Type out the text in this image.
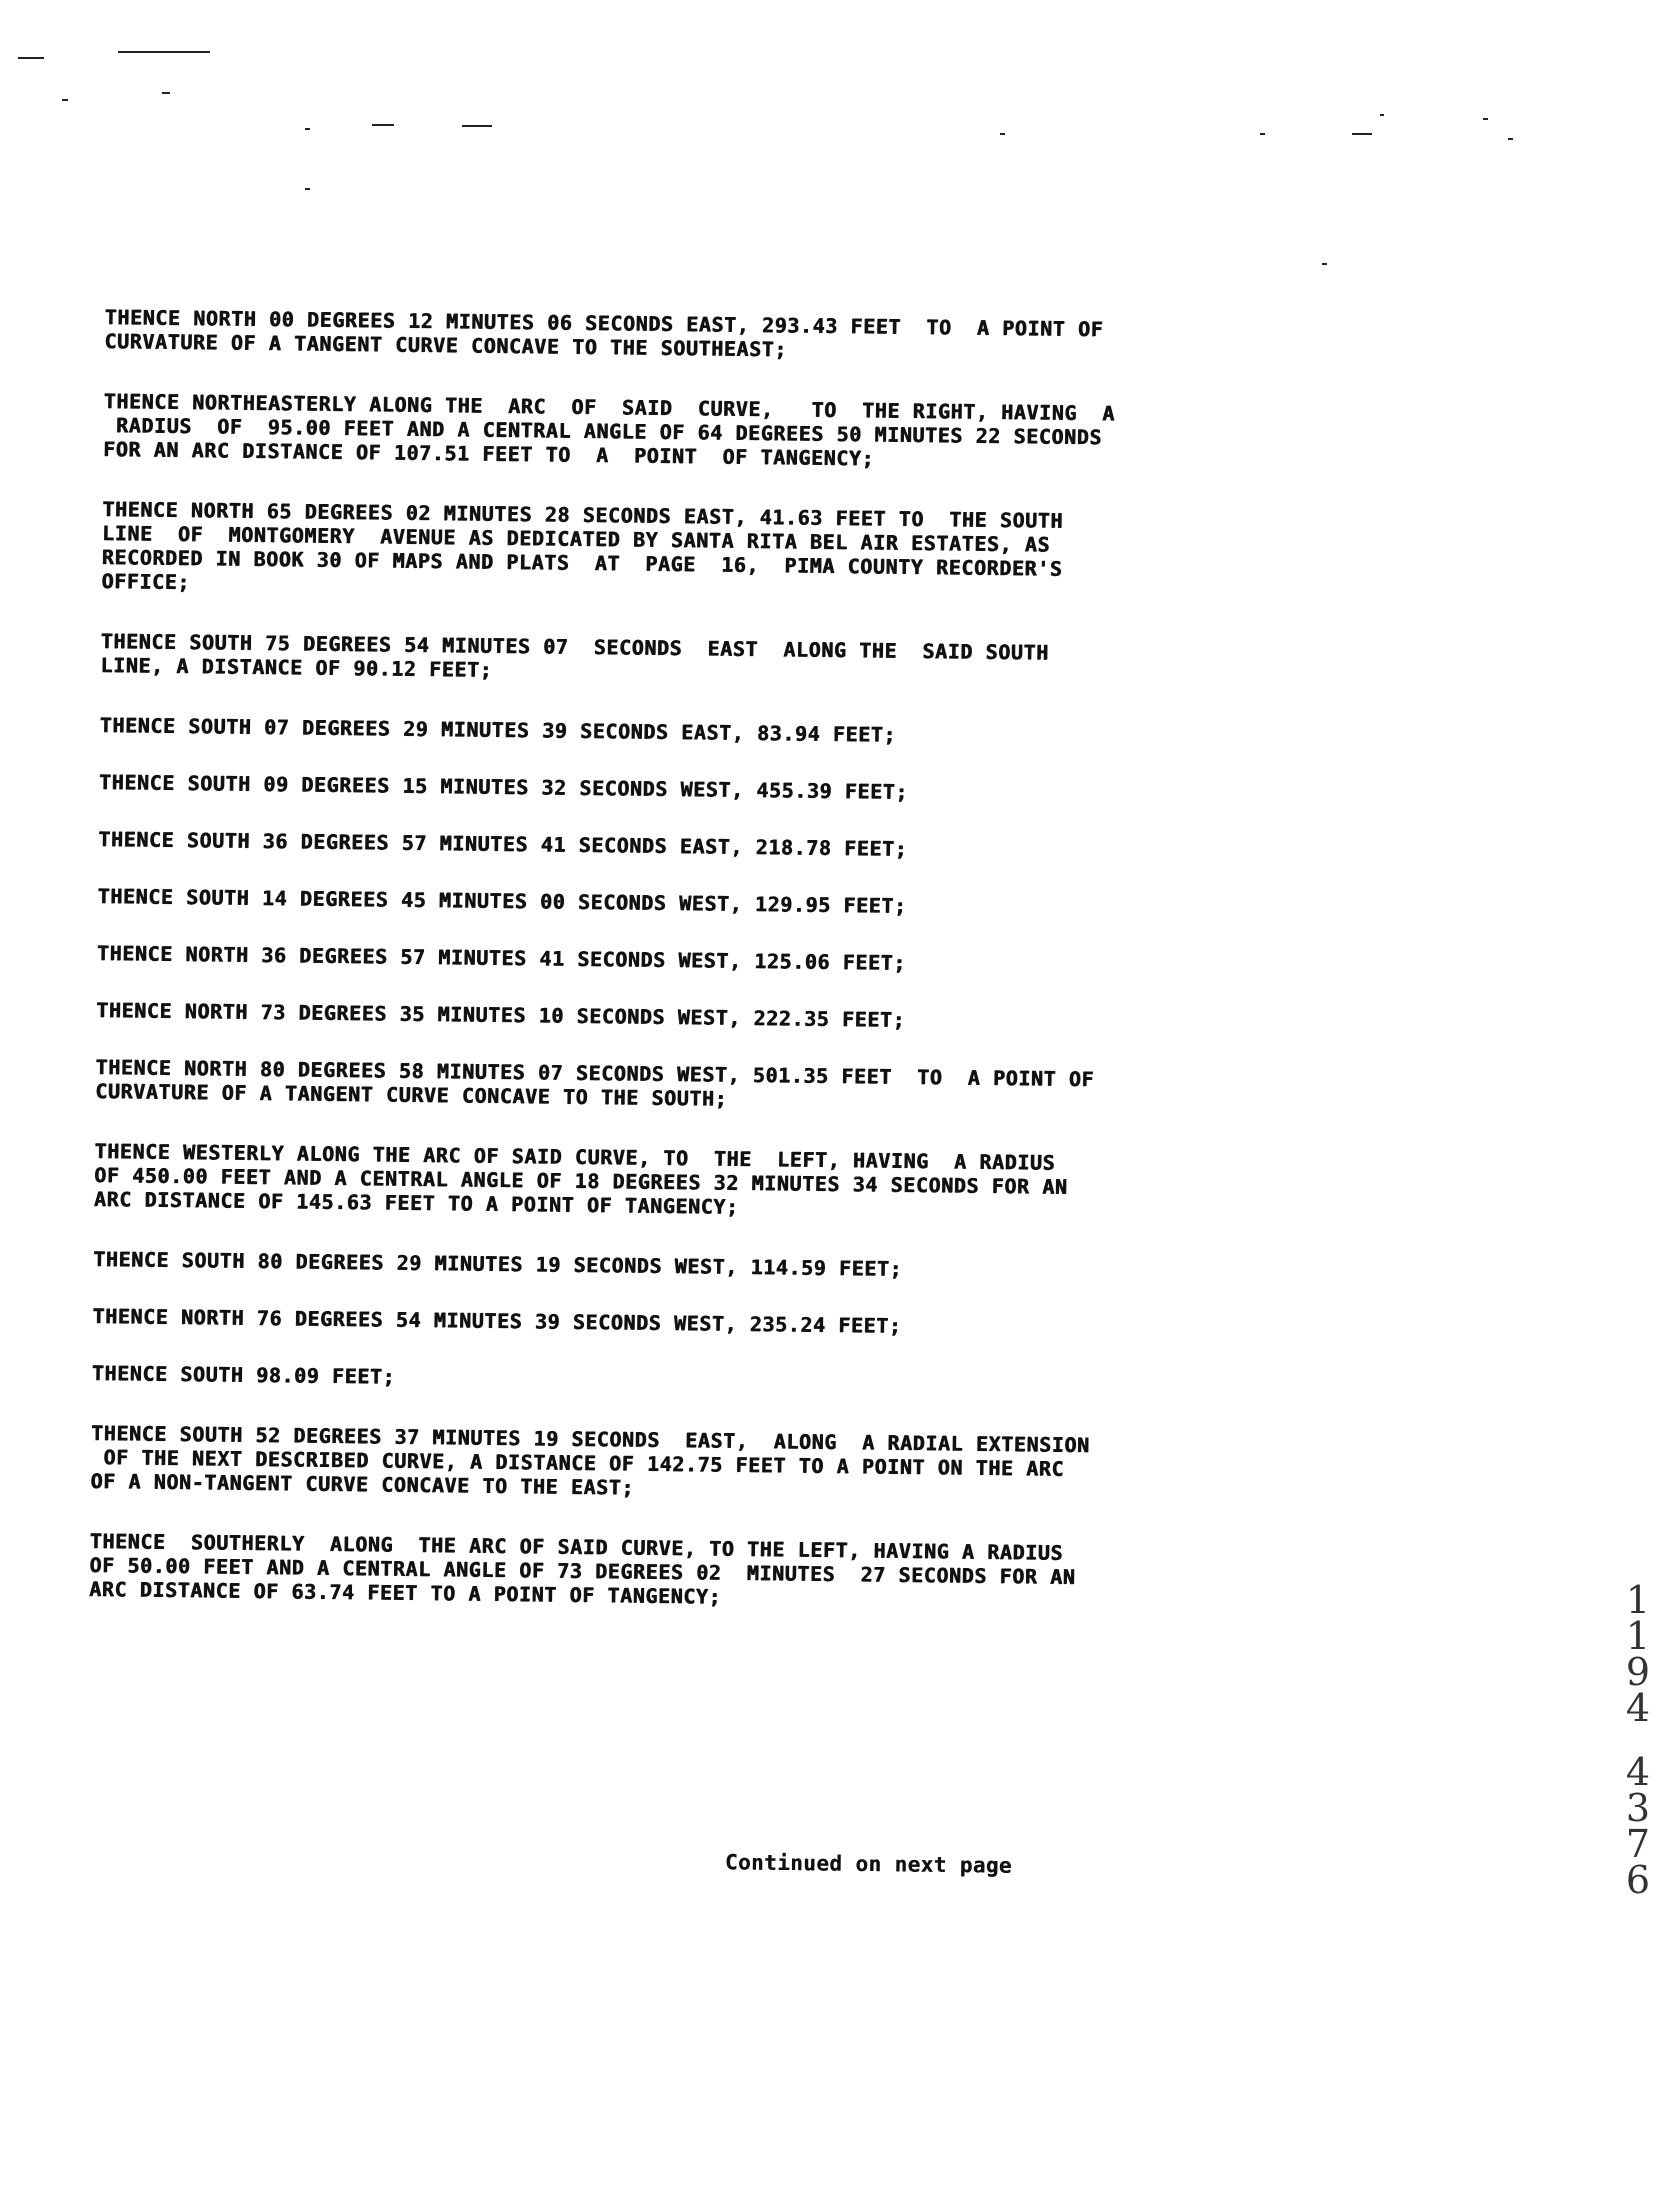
THENCE NORTH 00 DEGREES 12 MINUTES 06 SECONDS EAST, 293.43 FEET  TO  A POINT OF
CURVATURE OF A TANGENT CURVE CONCAVE TO THE SOUTHEAST;

THENCE NORTHEASTERLY ALONG THE  ARC  OF  SAID  CURVE,   TO  THE RIGHT, HAVING  A
RADIUS  OF  95.00 FEET AND A CENTRAL ANGLE OF 64 DEGREES 50 MINUTES 22 SECONDS
FOR AN ARC DISTANCE OF 107.51 FEET TO  A  POINT  OF TANGENCY;

THENCE NORTH 65 DEGREES 02 MINUTES 28 SECONDS EAST, 41.63 FEET TO  THE SOUTH
LINE  OF  MONTGOMERY  AVENUE AS DEDICATED BY SANTA RITA BEL AIR ESTATES, AS
RECORDED IN BOOK 30 OF MAPS AND PLATS  AT  PAGE  16,  PIMA COUNTY RECORDER'S
OFFICE;

THENCE SOUTH 75 DEGREES 54 MINUTES 07  SECONDS  EAST  ALONG THE  SAID SOUTH
LINE, A DISTANCE OF 90.12 FEET;

THENCE SOUTH 07 DEGREES 29 MINUTES 39 SECONDS EAST, 83.94 FEET;

THENCE SOUTH 09 DEGREES 15 MINUTES 32 SECONDS WEST, 455.39 FEET;

THENCE SOUTH 36 DEGREES 57 MINUTES 41 SECONDS EAST, 218.78 FEET;

THENCE SOUTH 14 DEGREES 45 MINUTES 00 SECONDS WEST, 129.95 FEET;

THENCE NORTH 36 DEGREES 57 MINUTES 41 SECONDS WEST, 125.06 FEET;

THENCE NORTH 73 DEGREES 35 MINUTES 10 SECONDS WEST, 222.35 FEET;

THENCE NORTH 80 DEGREES 58 MINUTES 07 SECONDS WEST, 501.35 FEET  TO  A POINT OF
CURVATURE OF A TANGENT CURVE CONCAVE TO THE SOUTH;

THENCE WESTERLY ALONG THE ARC OF SAID CURVE, TO  THE  LEFT, HAVING  A RADIUS
OF 450.00 FEET AND A CENTRAL ANGLE OF 18 DEGREES 32 MINUTES 34 SECONDS FOR AN
ARC DISTANCE OF 145.63 FEET TO A POINT OF TANGENCY;

THENCE SOUTH 80 DEGREES 29 MINUTES 19 SECONDS WEST, 114.59 FEET;

THENCE NORTH 76 DEGREES 54 MINUTES 39 SECONDS WEST, 235.24 FEET;

THENCE SOUTH 98.09 FEET;

THENCE SOUTH 52 DEGREES 37 MINUTES 19 SECONDS  EAST,  ALONG  A RADIAL EXTENSION
OF THE NEXT DESCRIBED CURVE, A DISTANCE OF 142.75 FEET TO A POINT ON THE ARC
OF A NON-TANGENT CURVE CONCAVE TO THE EAST;

THENCE  SOUTHERLY  ALONG  THE ARC OF SAID CURVE, TO THE LEFT, HAVING A RADIUS
OF 50.00 FEET AND A CENTRAL ANGLE OF 73 DEGREES 02  MINUTES  27 SECONDS FOR AN
ARC DISTANCE OF 63.74 FEET TO A POINT OF TANGENCY;

Continued on next page
1
1
9
4
4
3
7
6
